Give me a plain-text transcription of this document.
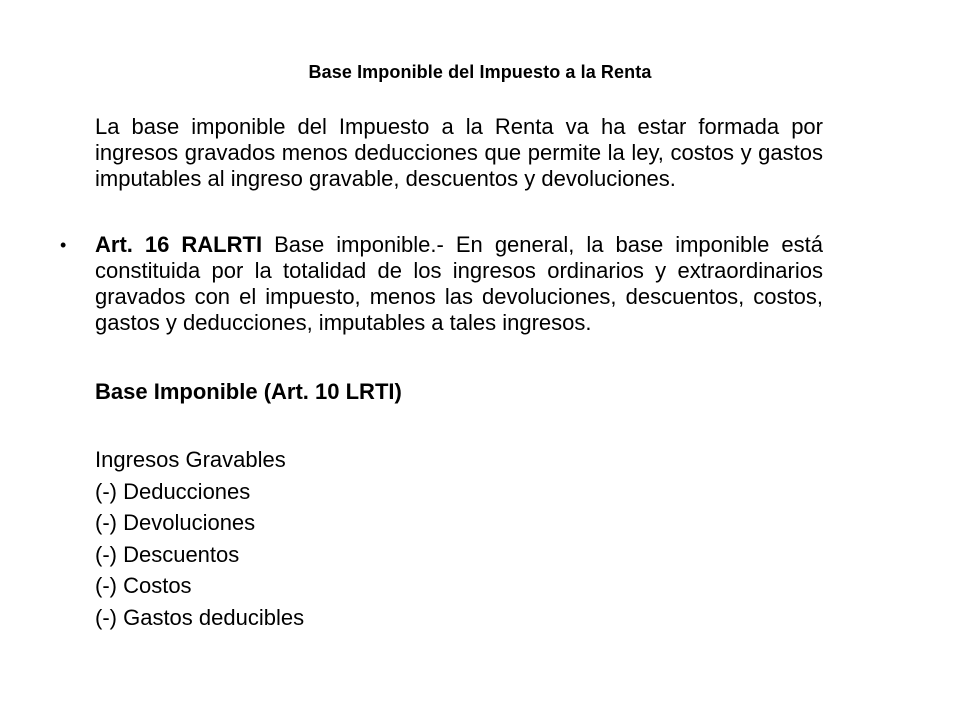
Base Imponible del Impuesto a la Renta
La base imponible del Impuesto a la Renta va ha estar formada por ingresos gravados menos deducciones que permite la ley, costos y gastos imputables al ingreso gravable, descuentos y devoluciones.
• Art. 16 RALRTI Base imponible.- En general, la base imponible está constituida por la totalidad de los ingresos ordinarios y extraordinarios gravados con el impuesto, menos las devoluciones, descuentos, costos, gastos y deducciones, imputables a tales ingresos.
Base Imponible (Art. 10 LRTI)
Ingresos Gravables
(-) Deducciones
(-) Devoluciones
(-) Descuentos
(-) Costos
(-) Gastos deducibles
